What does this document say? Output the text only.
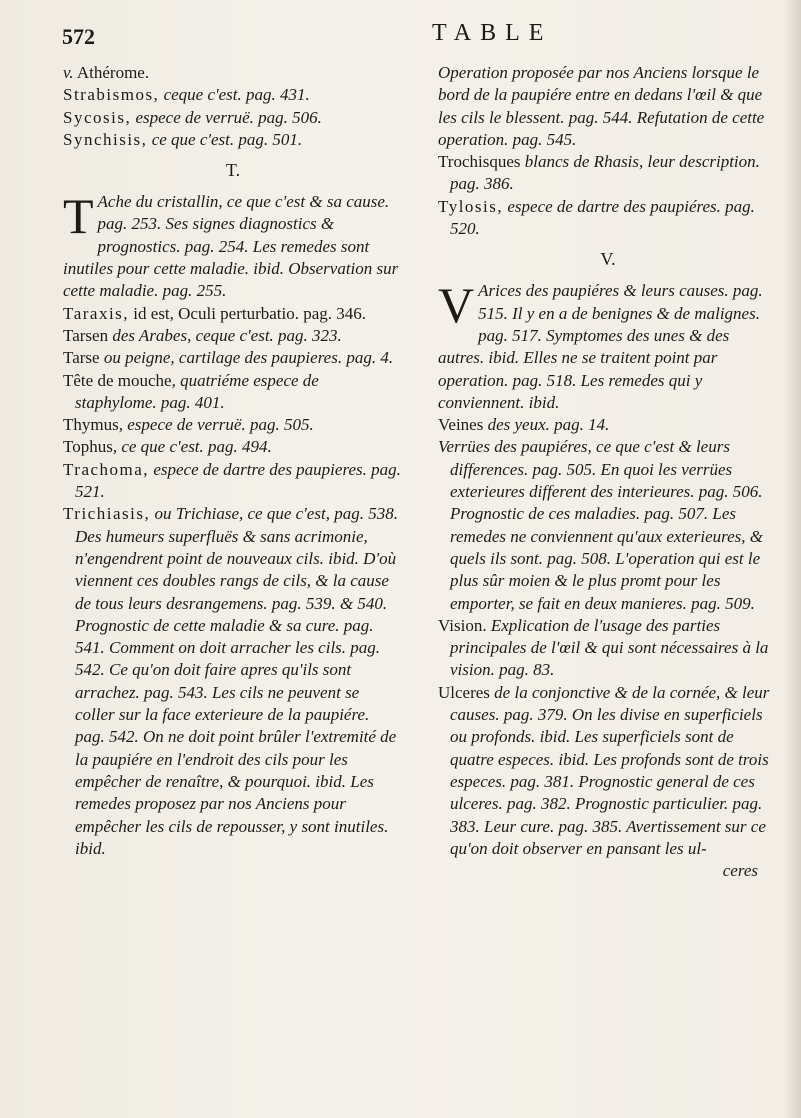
572	TABLE

v. Athérome.

Strabismos, ceque c'est. pag. 431.

Sycosis, espece de verruë. pag. 506.

Synchisis, ce que c'est. pag. 501.

T.

T Ache du cristallin, ce que c'est & sa cause. pag. 253. Ses signes diagnostics & prognostics. pag. 254. Les remedes sont inutiles pour cette maladie. ibid. Observation sur cette maladie. pag. 255.

Taraxis, id est, Oculi perturbatio. pag. 346.

Tarsen des Arabes, ceque c'est. pag. 323.

Tarse ou peigne, cartilage des paupieres. pag. 4.

Tête de mouche, quatriéme espece de staphylome. pag. 401.

Thymus, espece de verruë. pag. 505.

Tophus, ce que c'est. pag. 494.

Trachoma, espece de dartre des paupieres. pag. 521.

Trichiasis, ou Trichiase, ce que c'est, pag. 538. Des humeurs superfluës & sans acrimonie, n'engendrent point de nouveaux cils. ibid. D'où viennent ces doubles rangs de cils, & la cause de tous leurs desrangemens. pag. 539. & 540. Prognostic de cette maladie & sa cure. pag. 541. Comment on doit arracher les cils. pag. 542. Ce qu'on doit faire apres qu'ils sont arrachez. pag. 543. Les cils ne peuvent se coller sur la face exterieure de la paupiére. pag. 542. On ne doit point brûler l'extremité de la paupiére en l'endroit des cils pour les empêcher de renaître, & pourquoi. ibid. Les remedes proposez par nos Anciens pour empêcher les cils de repousser, y sont inutiles. ibid.

Operation proposée par nos Anciens lorsque le bord de la paupiére entre en dedans l'œil & que les cils le blessent. pag. 544. Refutation de cette operation. pag. 545.

Trochisques blancs de Rhasis, leur description. pag. 386.

Tylosis, espece de dartre des paupiéres. pag. 520.

V.

V Arices des paupiéres & leurs causes. pag. 515. Il y en a de benignes & de malignes. pag. 517. Symptomes des unes & des autres. ibid. Elles ne se traitent point par operation. pag. 518. Les remedes qui y conviennent. ibid.

Veines des yeux. pag. 14.

Verrües des paupiéres, ce que c'est & leurs differences. pag. 505. En quoi les verrües exterieures different des interieures. pag. 506. Prognostic de ces maladies. pag. 507. Les remedes ne conviennent qu'aux exterieures, & quels ils sont. pag. 508. L'operation qui est le plus sûr moien & le plus promt pour les emporter, se fait en deux manieres. pag. 509.

Vision. Explication de l'usage des parties principales de l'œil & qui sont nécessaires à la vision. pag. 83.

Ulceres de la conjonctive & de la cornée, & leur causes. pag. 379. On les divise en superficiels ou profonds. ibid. Les superficiels sont de quatre especes. ibid. Les profonds sont de trois especes. pag. 381. Prognostic general de ces ulceres. pag. 382. Prognostic particulier. pag. 383. Leur cure. pag. 385. Avertissement sur ce qu'on doit observer en pansant les ul-

ceres
